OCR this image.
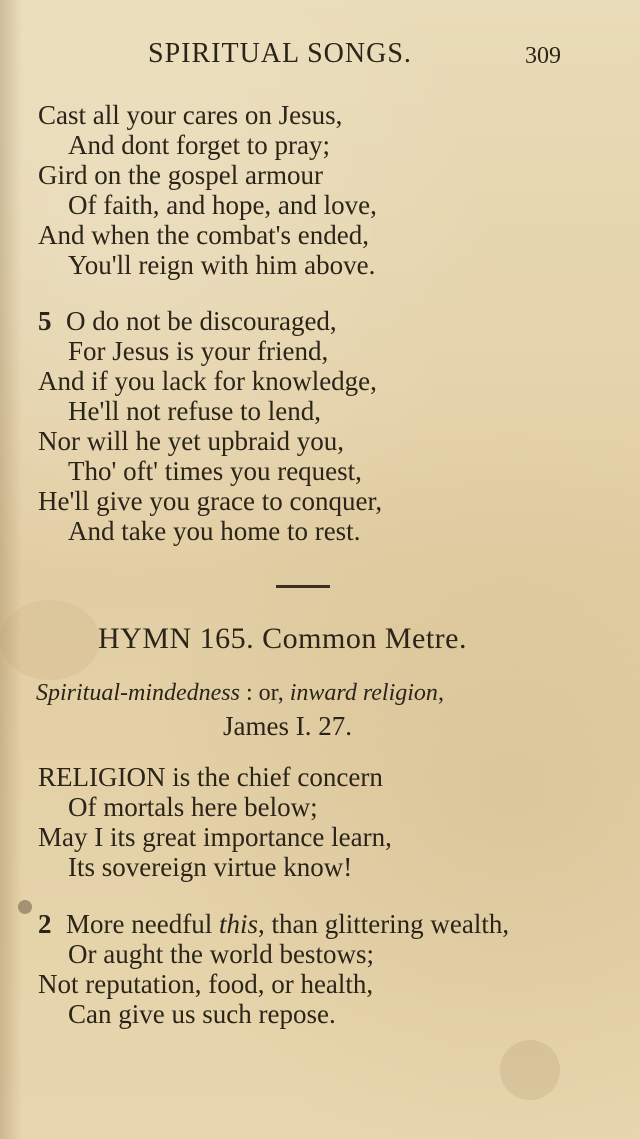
SPIRITUAL SONGS.	309
Cast all your cares on Jesus,
And dont forget to pray;
Gird on the gospel armour
Of faith, and hope, and love,
And when the combat's ended,
You'll reign with him above.
5 O do not be discouraged,
For Jesus is your friend,
And if you lack for knowledge,
He'll not refuse to lend,
Nor will he yet upbraid you,
Tho' oft' times you request,
He'll give you grace to conquer,
And take you home to rest.
HYMN 165. Common Metre.
Spiritual-mindedness : or, inward religion,
James I. 27.
RELIGION is the chief concern
Of mortals here below;
May I its great importance learn,
Its sovereign virtue know!
2 More needful this, than glittering wealth,
Or aught the world bestows;
Not reputation, food, or health,
Can give us such repose.
